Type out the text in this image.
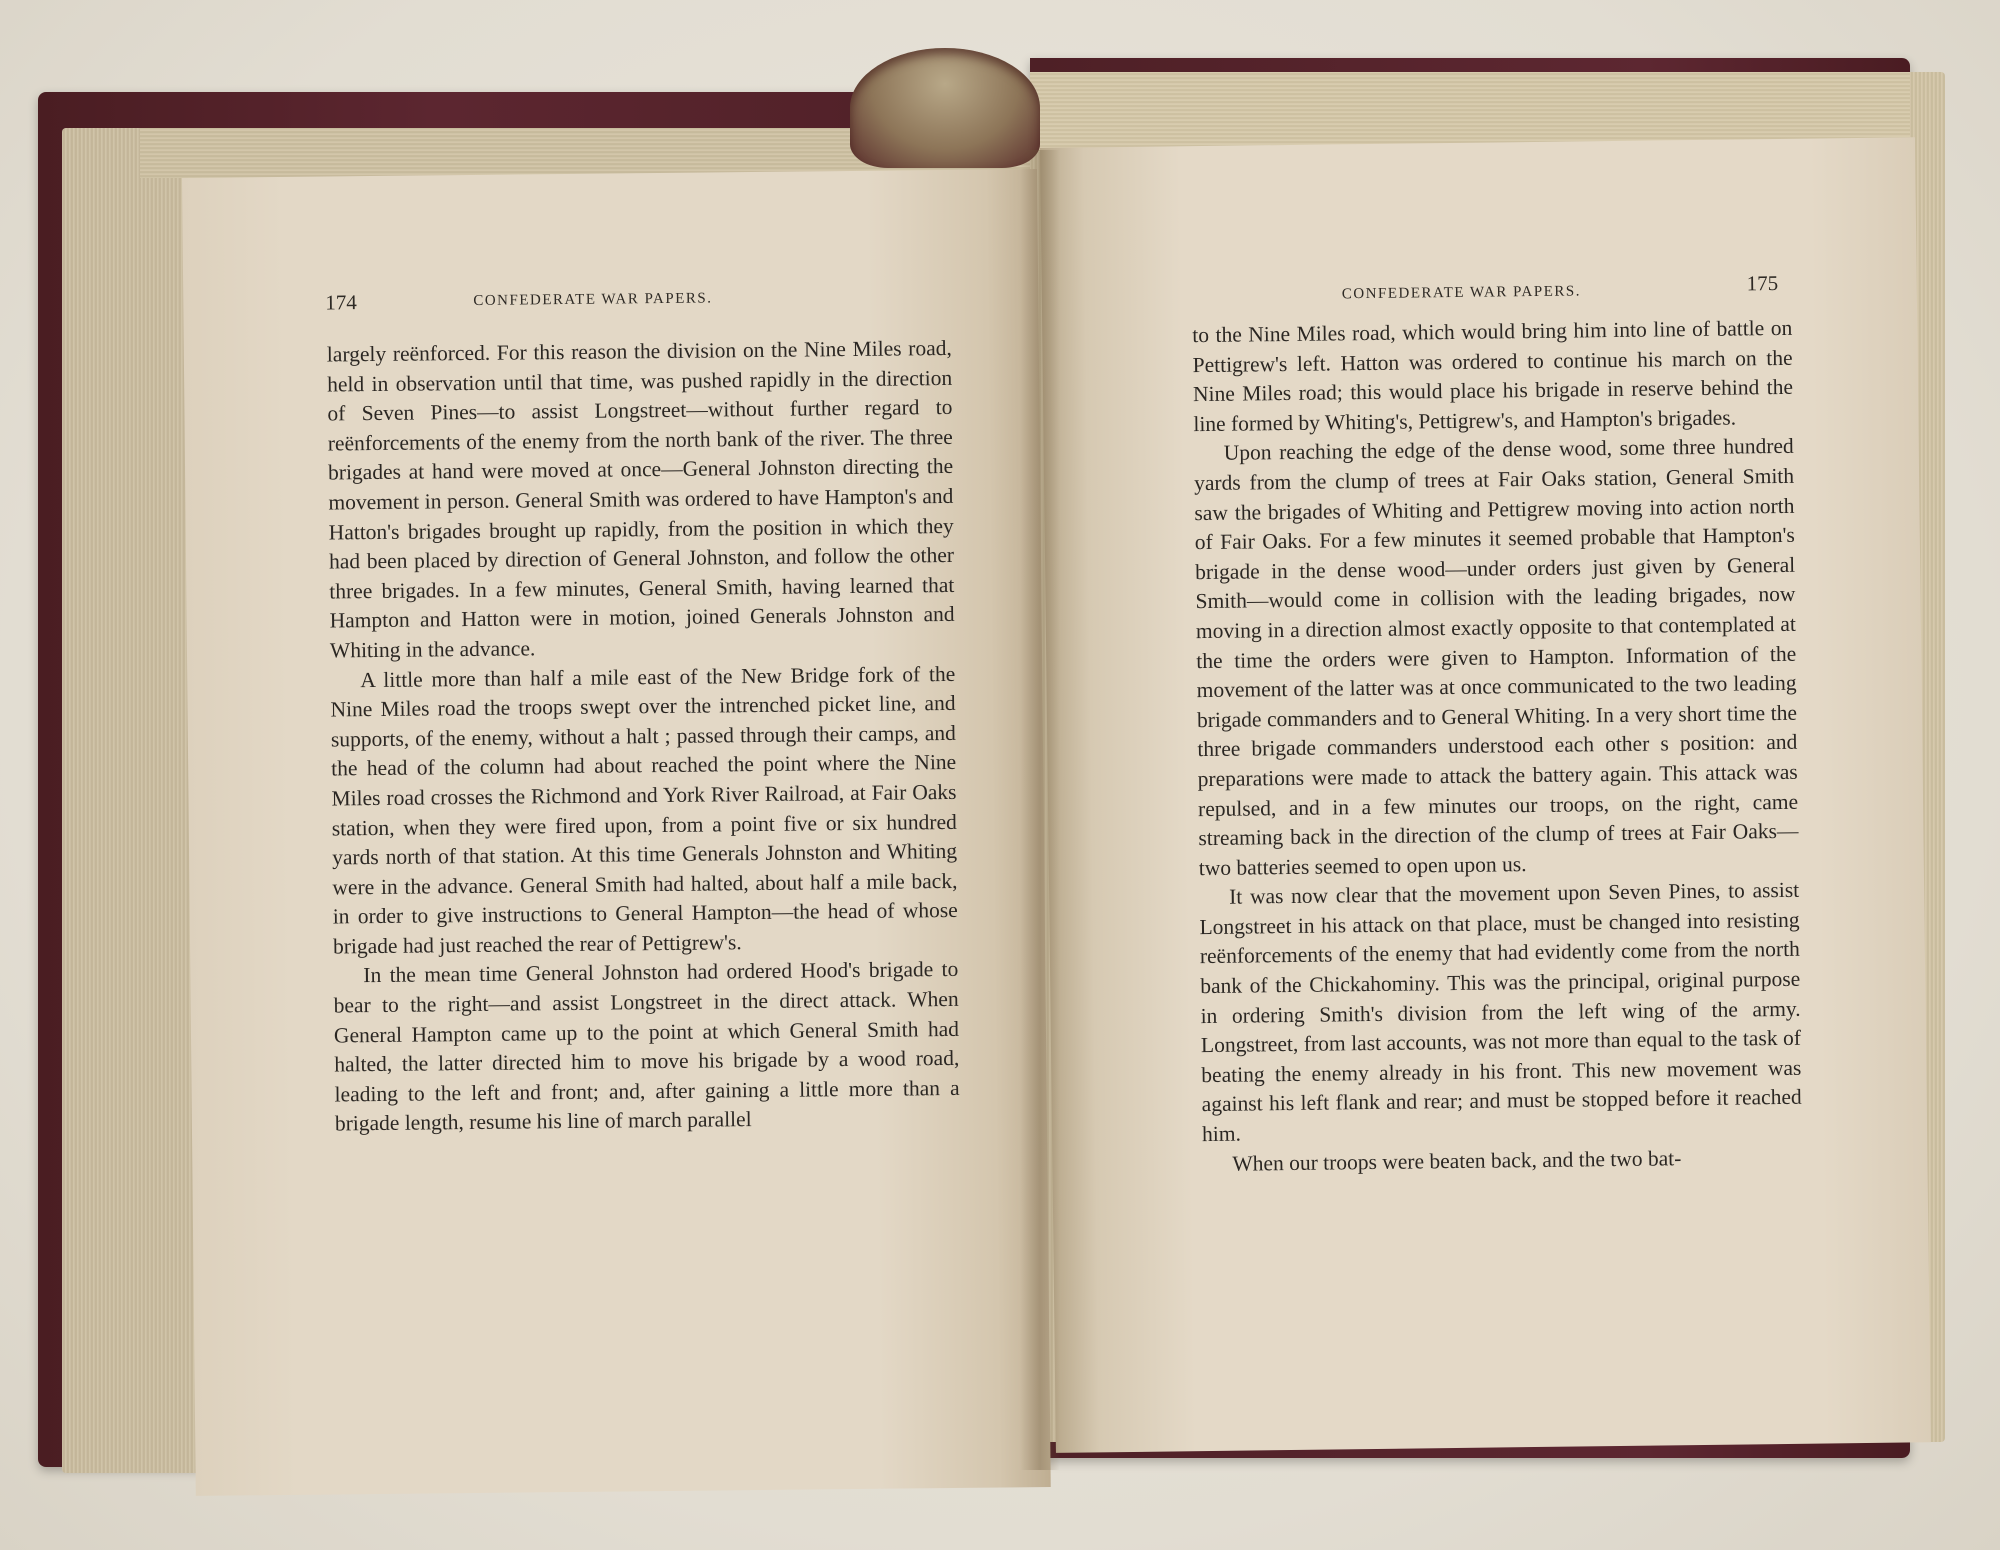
174	CONFEDERATE WAR PAPERS.

largely reënforced. For this reason the division on the Nine Miles road, held in observation until that time, was pushed rapidly in the direction of Seven Pines—to assist Longstreet—without further regard to reënforcements of the enemy from the north bank of the river. The three brigades at hand were moved at once—General Johnston directing the movement in person. General Smith was ordered to have Hampton's and Hatton's brigades brought up rapidly, from the position in which they had been placed by direction of General Johnston, and follow the other three brigades. In a few minutes, General Smith, having learned that Hampton and Hatton were in motion, joined Generals Johnston and Whiting in the advance.

A little more than half a mile east of the New Bridge fork of the Nine Miles road the troops swept over the intrenched picket line, and supports, of the enemy, without a halt ; passed through their camps, and the head of the column had about reached the point where the Nine Miles road crosses the Richmond and York River Railroad, at Fair Oaks station, when they were fired upon, from a point five or six hundred yards north of that station. At this time Generals Johnston and Whiting were in the advance. General Smith had halted, about half a mile back, in order to give instructions to General Hampton—the head of whose brigade had just reached the rear of Pettigrew's.

In the mean time General Johnston had ordered Hood's brigade to bear to the right—and assist Longstreet in the direct attack. When General Hampton came up to the point at which General Smith had halted, the latter directed him to move his brigade by a wood road, leading to the left and front; and, after gaining a little more than a brigade length, resume his line of march parallel

CONFEDERATE WAR PAPERS.	175

to the Nine Miles road, which would bring him into line of battle on Pettigrew's left. Hatton was ordered to continue his march on the Nine Miles road; this would place his brigade in reserve behind the line formed by Whiting's, Pettigrew's, and Hampton's brigades.

Upon reaching the edge of the dense wood, some three hundred yards from the clump of trees at Fair Oaks station, General Smith saw the brigades of Whiting and Pettigrew moving into action north of Fair Oaks. For a few minutes it seemed probable that Hampton's brigade in the dense wood—under orders just given by General Smith—would come in collision with the leading brigades, now moving in a direction almost exactly opposite to that contemplated at the time the orders were given to Hampton. Information of the movement of the latter was at once communicated to the two leading brigade commanders and to General Whiting. In a very short time the three brigade commanders understood each other s position: and preparations were made to attack the battery again. This attack was repulsed, and in a few minutes our troops, on the right, came streaming back in the direction of the clump of trees at Fair Oaks—two batteries seemed to open upon us.

It was now clear that the movement upon Seven Pines, to assist Longstreet in his attack on that place, must be changed into resisting reënforcements of the enemy that had evidently come from the north bank of the Chickahominy. This was the principal, original purpose in ordering Smith's division from the left wing of the army. Longstreet, from last accounts, was not more than equal to the task of beating the enemy already in his front. This new movement was against his left flank and rear; and must be stopped before it reached him.

When our troops were beaten back, and the two bat-
